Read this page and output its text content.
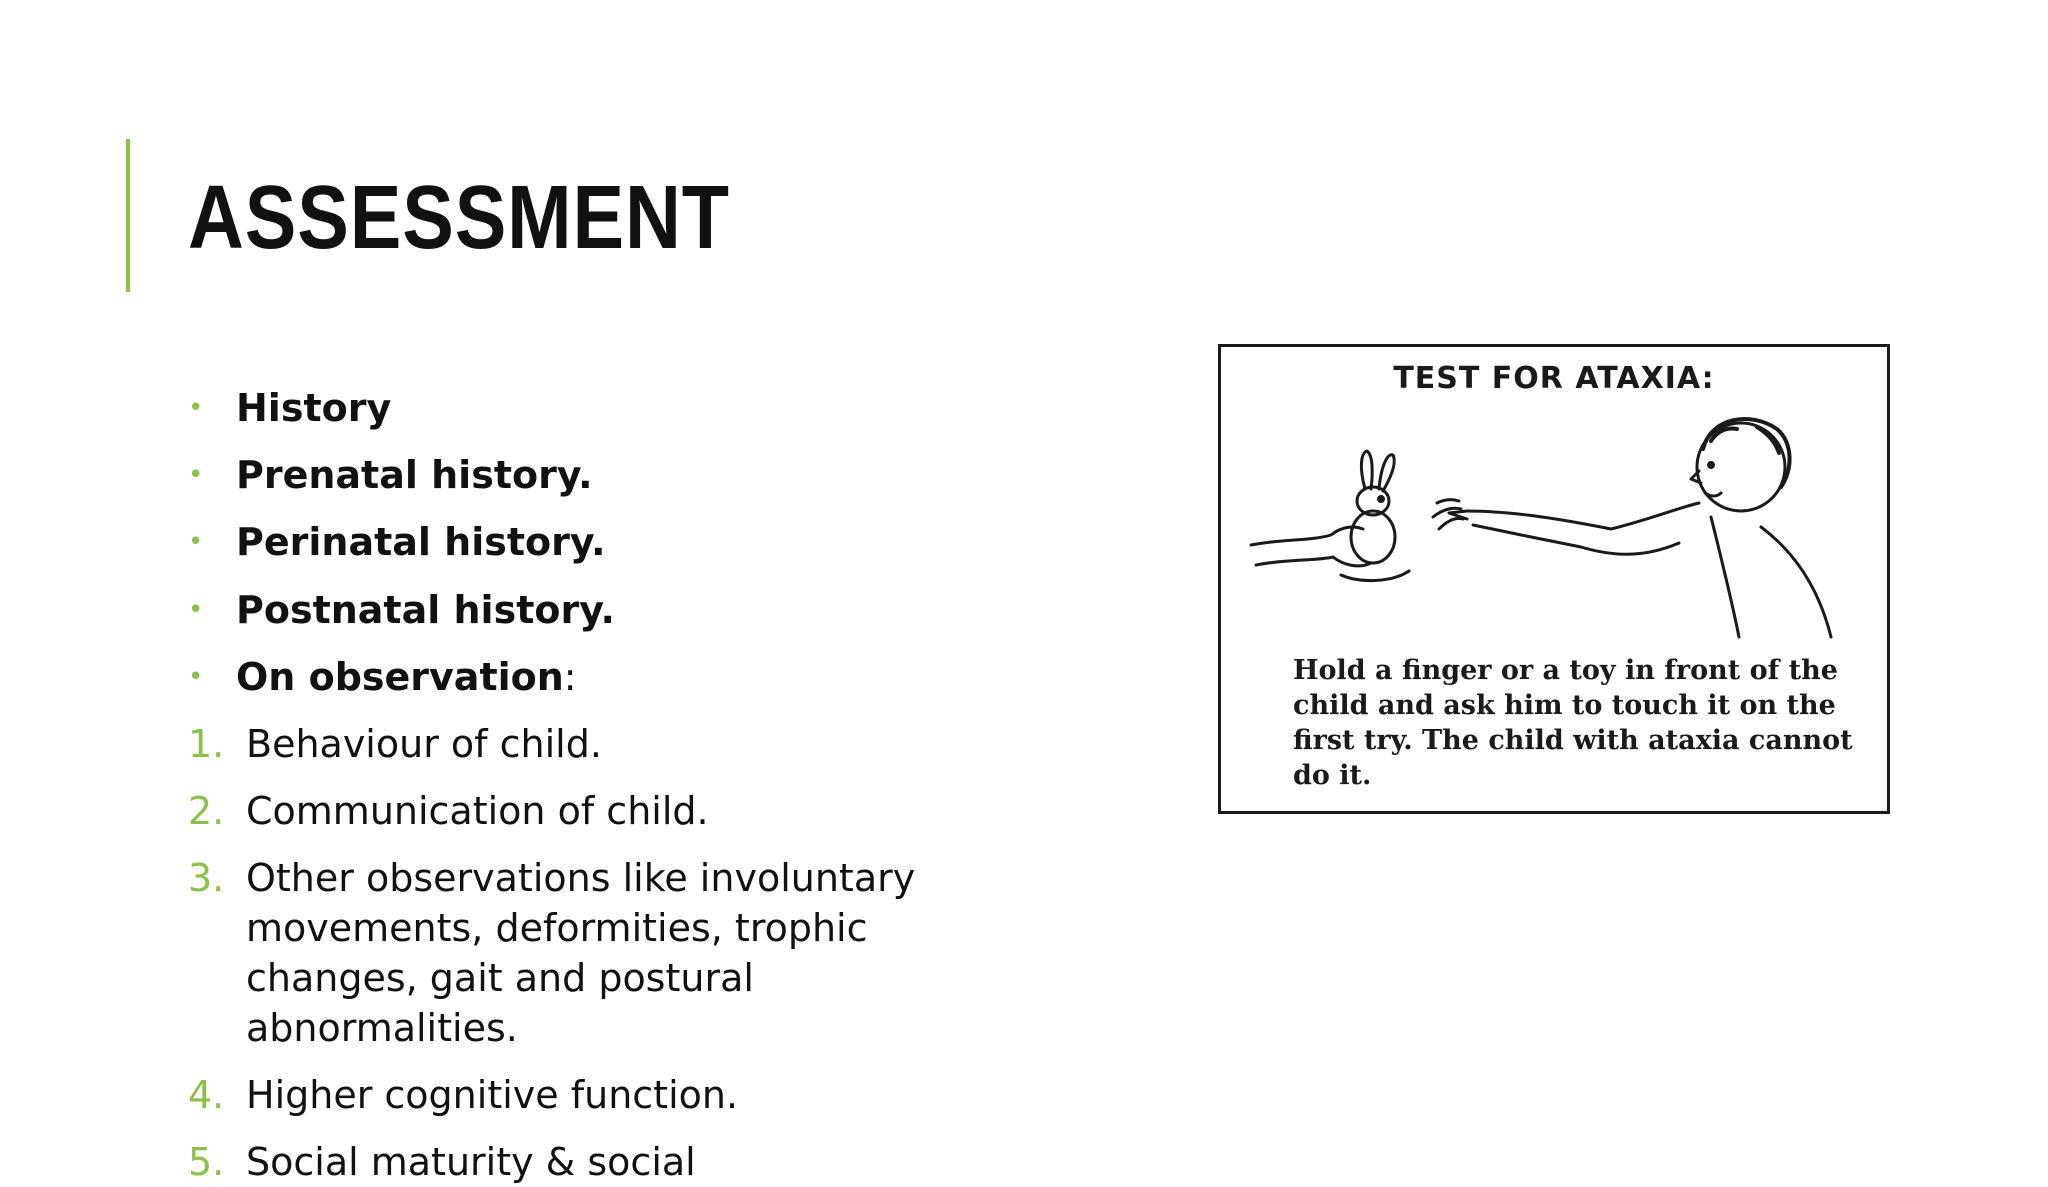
ASSESSMENT
• History
• Prenatal history.
• Perinatal history.
• Postnatal history.
• On observation :
1. Behaviour of child.
2. Communication of child.
3. Other observations like involuntary movements, deformities, trophic changes, gait and postural abnormalities.
4. Higher cognitive function.
5. Social maturity & social
TEST FOR ATAXIA:
Hold a finger or a toy in front of the child and ask him to touch it on the first try. The child with ataxia cannot do it.
